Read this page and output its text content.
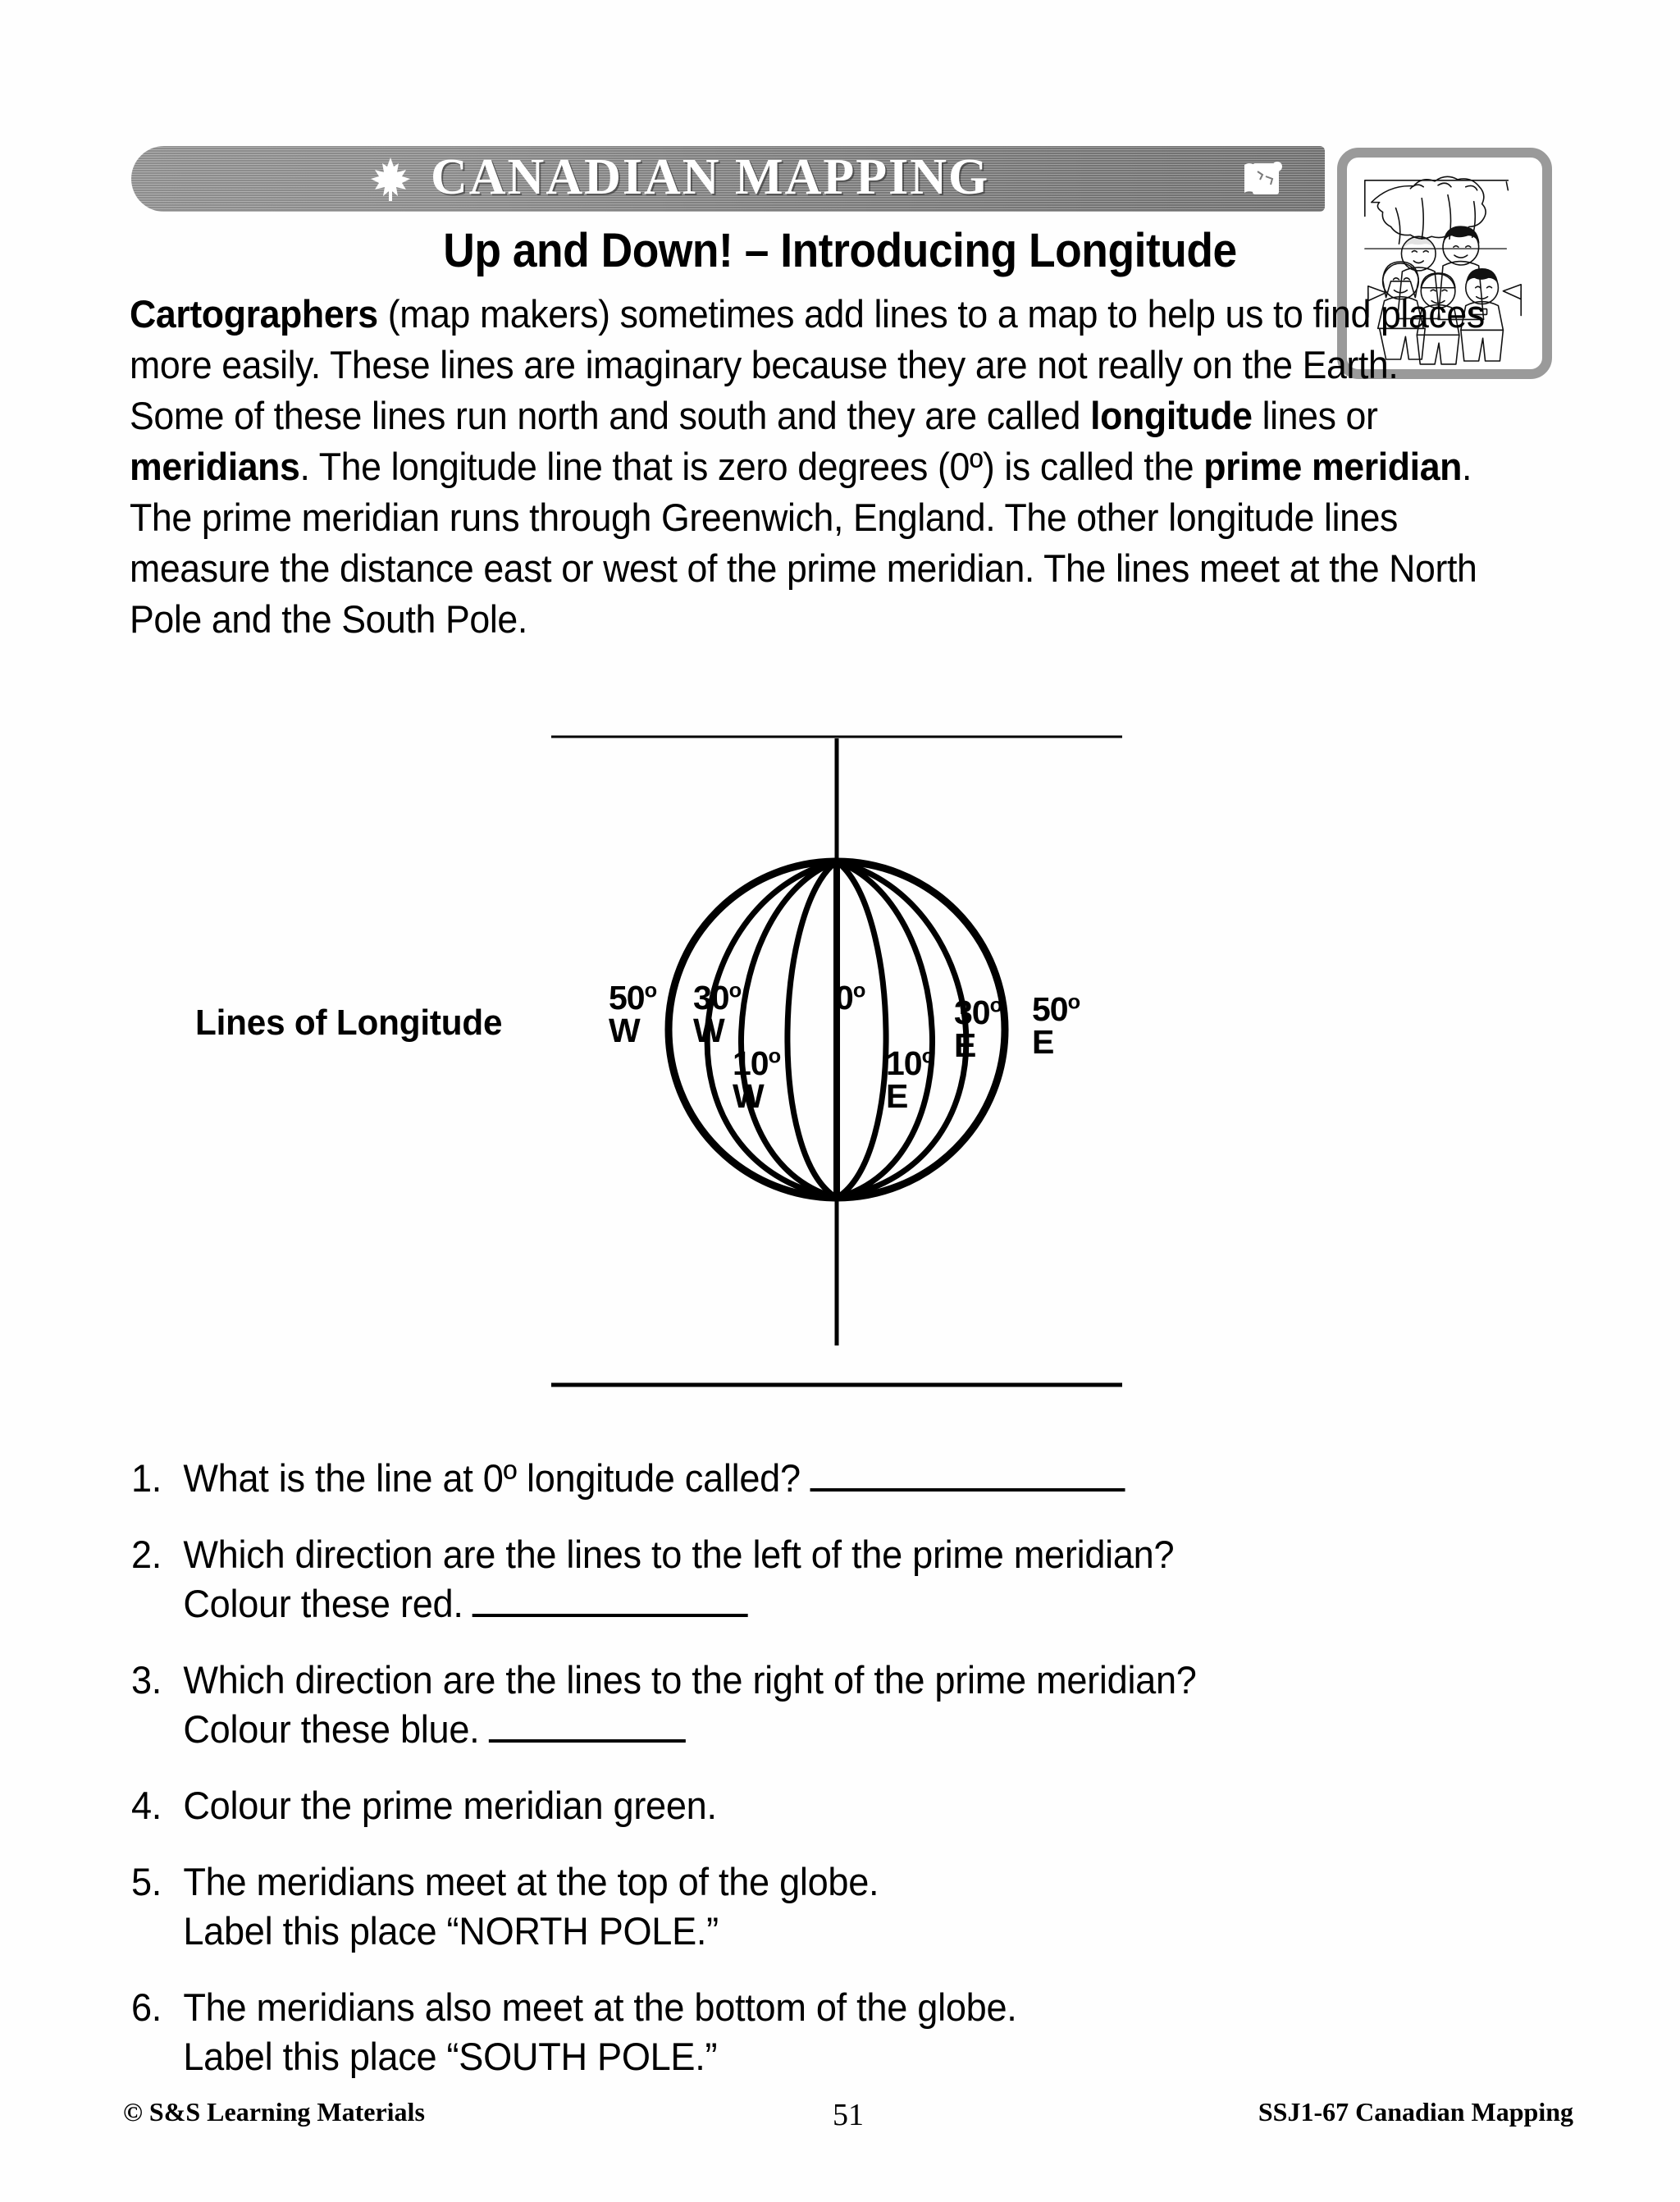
CANADIAN MAPPING
Up and Down! – Introducing Longitude
Cartographers (map makers) sometimes add lines to a map to help us to find places more easily. These lines are imaginary because they are not really on the Earth. Some of these lines run north and south and they are called longitude lines or meridians. The longitude line that is zero degrees (0º) is called the prime meridian. The prime meridian runs through Greenwich, England. The other longitude lines measure the distance east or west of the prime meridian. The lines meet at the North Pole and the South Pole.
Lines of Longitude
50$^o$
W
30$^o$
W
10$^o$
W
0$^o$
10$^o$
E
30$^o$
E
50$^o$
E
1. What is the line at 0º longitude called?
2. Which direction are the lines to the left of the prime meridian?
Colour these red.
3. Which direction are the lines to the right of the prime meridian?
Colour these blue.
4. Colour the prime meridian green.
5. The meridians meet at the top of the globe.
Label this place “NORTH POLE.”
6. The meridians also meet at the bottom of the globe.
Label this place “SOUTH POLE.”
© S&S Learning Materials	51	SSJ1-67 Canadian Mapping
